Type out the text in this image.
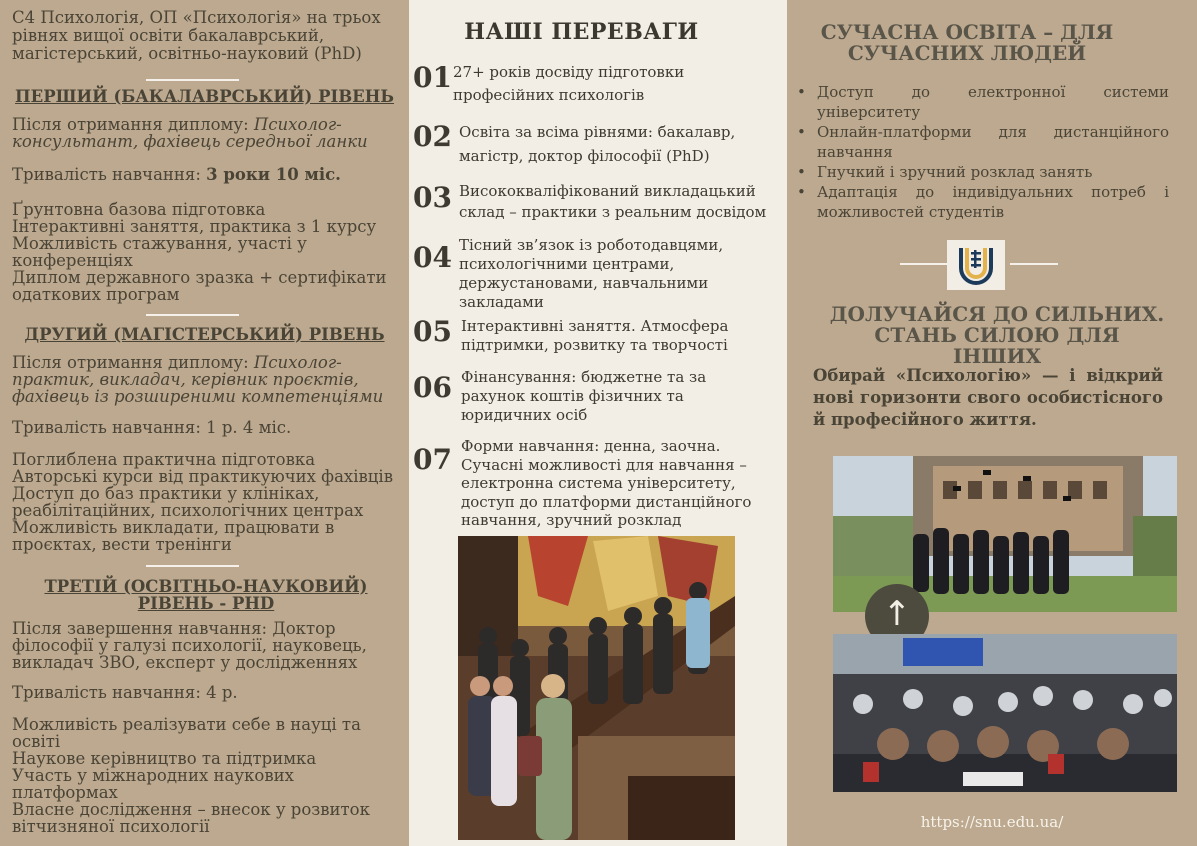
C4 Психологія, ОП «Психологія» на трьох рівнях вищої освіти бакалаврський, магістерський, освітньо-науковий (PhD)

ПЕРШИЙ (БАКАЛАВРСЬКИЙ) РІВЕНЬ

Після отримання диплому: Психолог-консультант, фахівець середньої ланки

Тривалість навчання: 3 роки 10 міс.

Ґрунтовна базова підготовка
Інтерактивні заняття, практика з 1 курсу
Можливість стажування, участі у конференціях
Диплом державного зразка + сертифікати одаткових програм
ДРУГИЙ (МАГІСТЕРСЬКИЙ) РІВЕНЬ

Після отримання диплому: Психолог-практик, викладач, керівник проєктів, фахівець із розширеними компетенціями

Тривалість навчання: 1 р. 4 міс.

Поглиблена практична підготовка
Авторські курси від практикуючих фахівців
Доступ до баз практики у клініках, реабілітаційних, психологічних центрах
Можливість викладати, працювати в проєктах, вести тренінги
ТРЕТІЙ (ОСВІТНЬО-НАУКОВИЙ) РІВЕНЬ - PHD

Після завершення навчання: Доктор філософії у галузі психології, науковець, викладач ЗВО, експерт у дослідженнях

Тривалість навчання: 4 р.

Можливість реалізувати себе в науці та освіті
Наукове керівництво та підтримка
Участь у міжнародних наукових платформах
Власне дослідження – внесок у розвиток вітчизняної психології
НАШІ ПЕРЕВАГИ
01 27+ років досвіду підготовки професійних психологів
02 Освіта за всіма рівнями: бакалавр, магістр, доктор філософії (PhD)
03 Висококваліфікований викладацький склад – практики з реальним досвідом
04 Тісний зв’язок із роботодавцями, психологічними центрами, держустановами, навчальними закладами
05 Інтерактивні заняття. Атмосфера підтримки, розвитку та творчості
06 Фінансування: бюджетне та за рахунок коштів фізичних та юридичних осіб
07 Форми навчання: денна, заочна. Сучасні можливості для навчання – електронна система університету, доступ до платформи дистанційного навчання, зручний розклад
СУЧАСНА ОСВІТА – ДЛЯ СУЧАСНИХ ЛЮДЕЙ
• Доступ до електронної системи університету
• Онлайн-платформи для дистанційного навчання
• Гнучкий і зручний розклад занять
• Адаптація до індивідуальних потреб і можливостей студентів
ДОЛУЧАЙСЯ ДО СИЛЬНИХ. СТАНЬ СИЛОЮ ДЛЯ ІНШИХ

Обирай «Психологію» — і відкрий нові горизонти свого особистісного й професійного життя.

↑
https://snu.edu.ua/
